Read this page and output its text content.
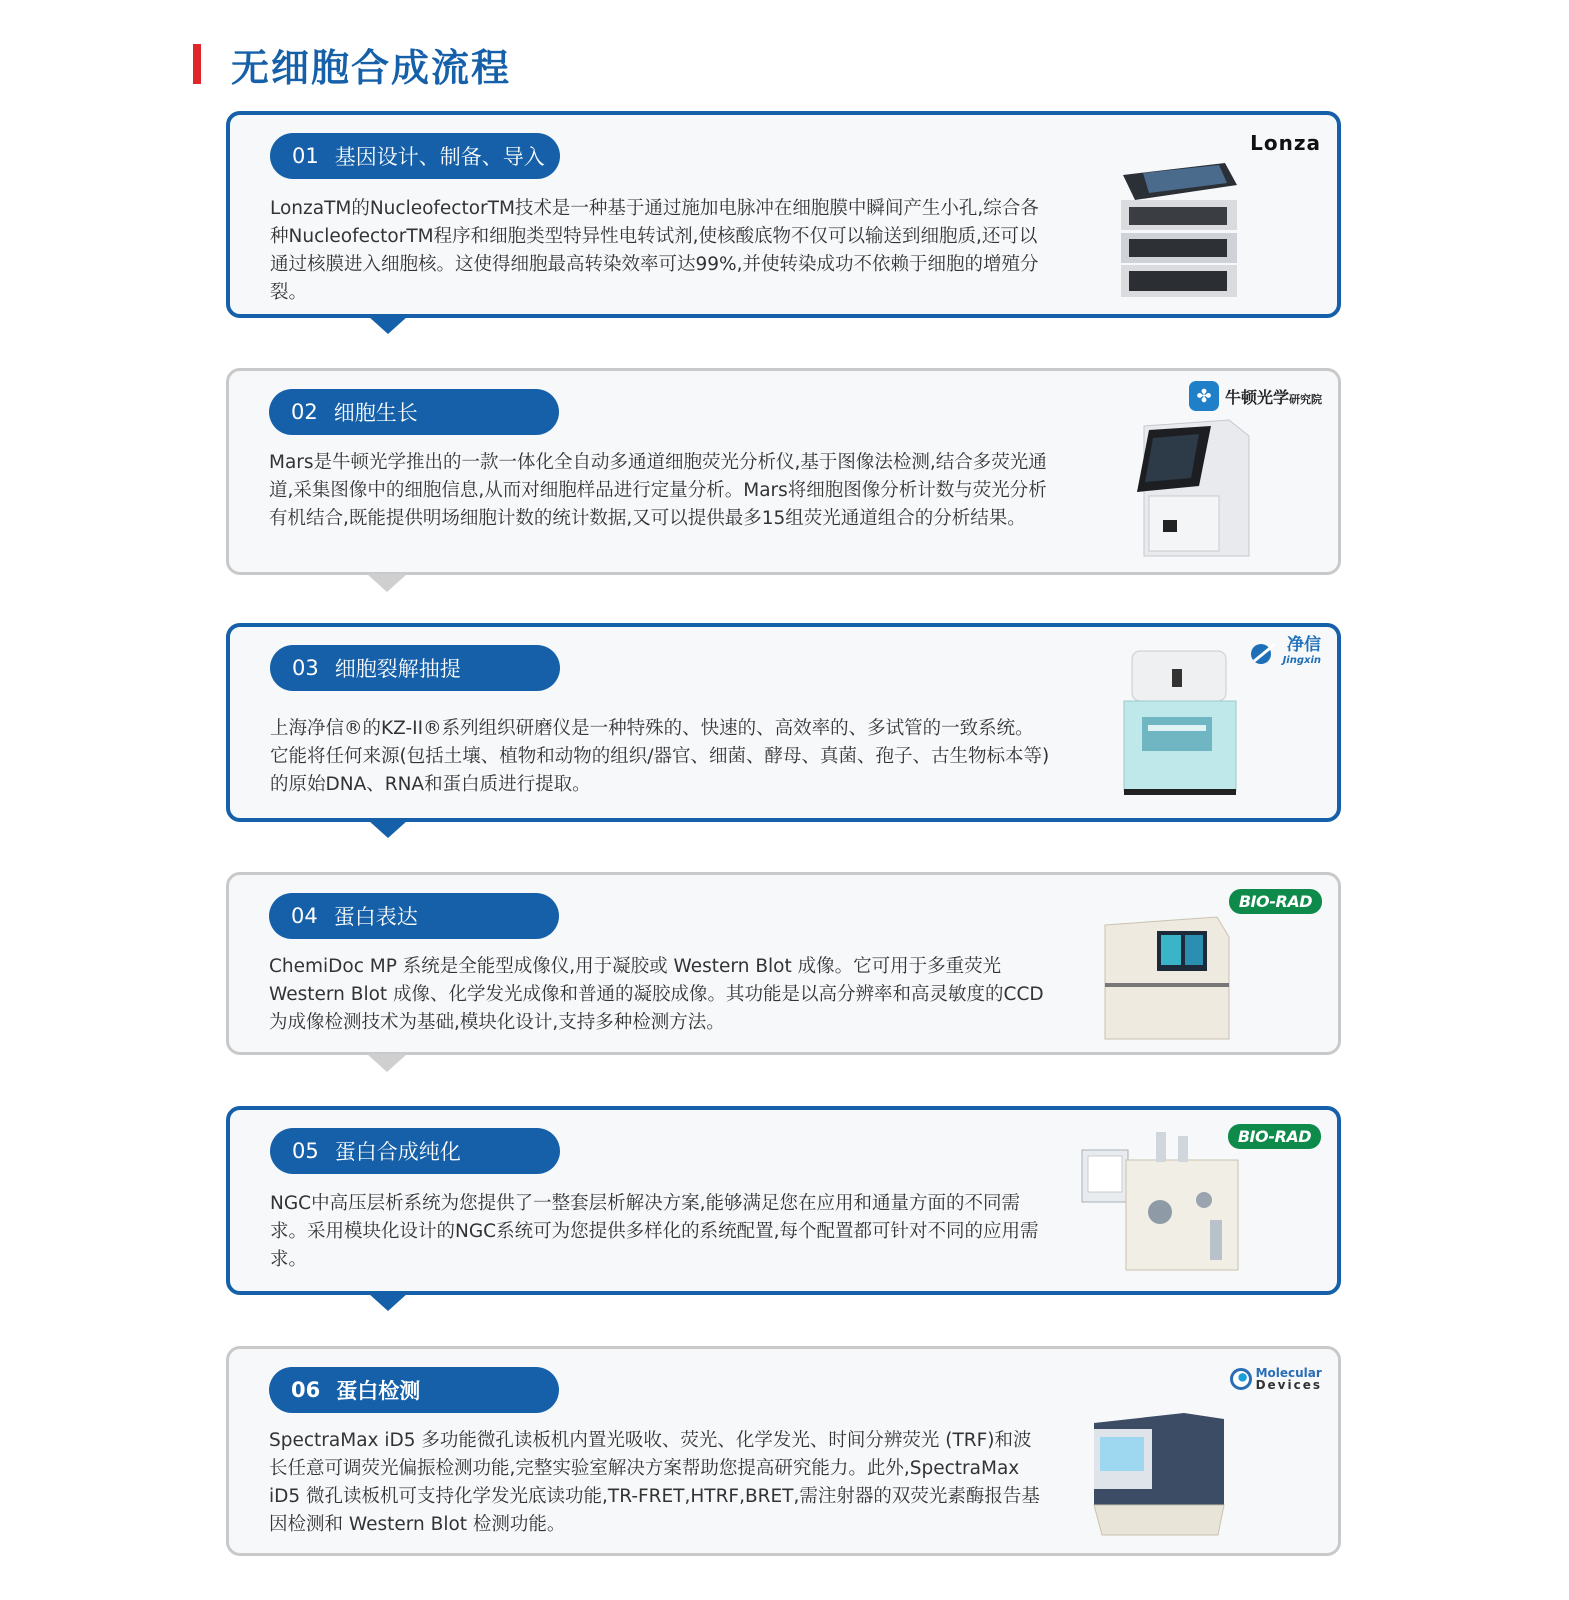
无细胞合成流程
01 基因设计、制备、导入

LonzaTM的NucleofectorTM技术是一种基于通过施加电脉冲在细胞膜中瞬间产生小孔,综合各种NucleofectorTM程序和细胞类型特异性电转试剂,使核酸底物不仅可以输送到细胞质,还可以通过核膜进入细胞核。这使得细胞最高转染效率可达99%,并使转染成功不依赖于细胞的增殖分裂。

Lonza
02 细胞生长

Mars是牛顿光学推出的一款一体化全自动多通道细胞荧光分析仪,基于图像法检测,结合多荧光通道,采集图像中的细胞信息,从而对细胞样品进行定量分析。Mars将细胞图像分析计数与荧光分析有机结合,既能提供明场细胞计数的统计数据,又可以提供最多15组荧光通道组合的分析结果。

✤ 牛顿光学研究院
03 细胞裂解抽提

上海净信®的KZ-II®系列组织研磨仪是一种特殊的、快速的、高效率的、多试管的一致系统。它能将任何来源(包括土壤、植物和动物的组织/器官、细菌、酵母、真菌、孢子、古生物标本等)的原始DNA、RNA和蛋白质进行提取。

净信
Jingxin
04 蛋白表达

ChemiDoc MP 系统是全能型成像仪,用于凝胶或 Western Blot 成像。它可用于多重荧光Western Blot 成像、化学发光成像和普通的凝胶成像。其功能是以高分辨率和高灵敏度的CCD 为成像检测技术为基础,模块化设计,支持多种检测方法。

BIO-RAD
05 蛋白合成纯化

NGC中高压层析系统为您提供了一整套层析解决方案,能够满足您在应用和通量方面的不同需求。采用模块化设计的NGC系统可为您提供多样化的系统配置,每个配置都可针对不同的应用需求。

BIO-RAD
06 蛋白检测

SpectraMax iD5 多功能微孔读板机内置光吸收、荧光、化学发光、时间分辨荧光 (TRF)和波长任意可调荧光偏振检测功能,完整实验室解决方案帮助您提高研究能力。此外,SpectraMax iD5 微孔读板机可支持化学发光底读功能,TR-FRET,HTRF,BRET,需注射器的双荧光素酶报告基因检测和 Western Blot 检测功能。

Molecular
Devices
